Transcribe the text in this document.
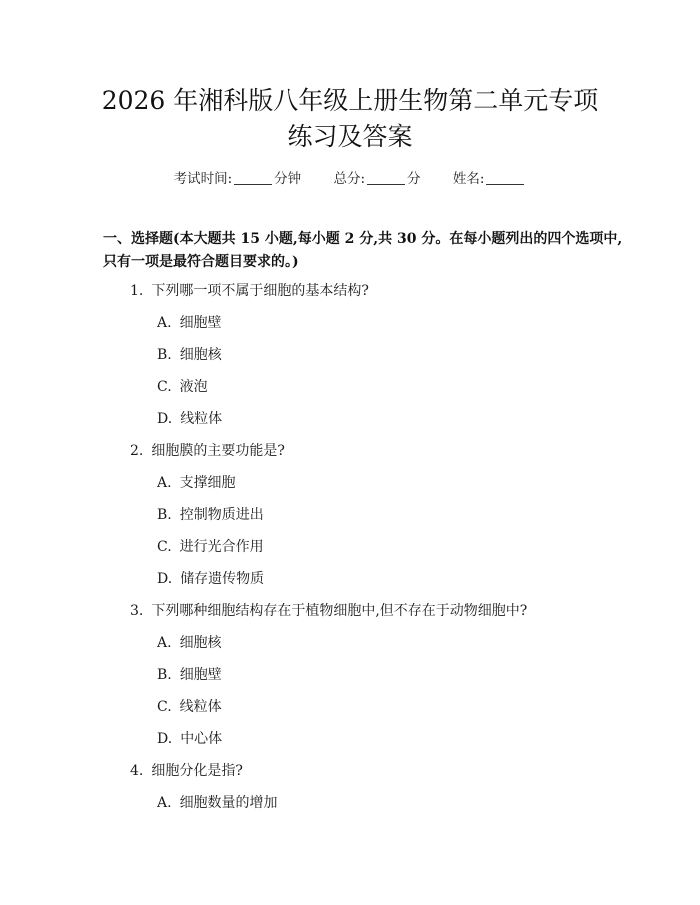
2026 年湘科版八年级上册生物第二单元专项
练习及答案
考试时间:	分钟 总分:	分 姓名:
一、选择题(本大题共 15 小题,每小题 2 分,共 30 分。在每小题列出的四个选项中,只有一项是最符合题目要求的。)
1. 下列哪一项不属于细胞的基本结构?
A. 细胞壁
B. 细胞核
C. 液泡
D. 线粒体
2. 细胞膜的主要功能是?
A. 支撑细胞
B. 控制物质进出
C. 进行光合作用
D. 储存遗传物质
3. 下列哪种细胞结构存在于植物细胞中,但不存在于动物细胞中?
A. 细胞核
B. 细胞壁
C. 线粒体
D. 中心体
4. 细胞分化是指?
A. 细胞数量的增加
